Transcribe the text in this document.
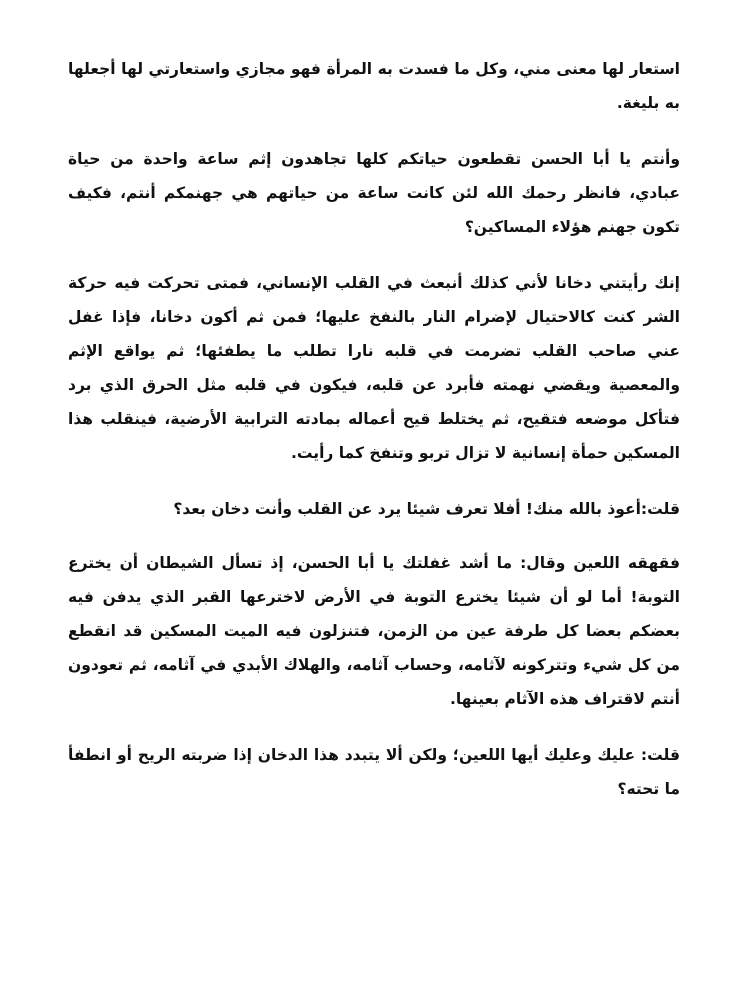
استعار لها معنى مني، وكل ما فسدت به المرأة فهو مجازي واستعارتي لها أجعلها به بليغة.

وأنتم يا أبا الحسن تقطعون حياتكم كلها تجاهدون إثم ساعة واحدة من حياة عبادي، فانظر رحمك الله لئن كانت ساعة من حياتهم هي جهنمكم أنتم، فكيف تكون جهنم هؤلاء المساكين؟

إنك رأيتني دخانا لأني كذلك أنبعث في القلب الإنساني، فمتى تحركت فيه حركة الشر كنت كالاحتيال لإضرام النار بالنفخ عليها؛ فمن ثم أكون دخانا، فإذا غفل عني صاحب القلب تضرمت في قلبه نارا تطلب ما يطفئها؛ ثم يواقع الإثم والمعصية ويقضي نهمته فأبرد عن قلبه، فيكون في قلبه مثل الحرق الذي برد فتأكل موضعه فتقيح، ثم يختلط قيح أعماله بمادته الترابية الأرضية، فينقلب هذا المسكين حمأة إنسانية لا تزال تربو وتنفخ كما رأيت.

قلت:أعوذ بالله منك! أفلا تعرف شيئا يرد عن القلب وأنت دخان بعد؟

فقهقه اللعين وقال: ما أشد غفلتك يا أبا الحسن، إذ تسأل الشيطان أن يخترع التوبة! أما لو أن شيئا يخترع التوبة في الأرض لاخترعها القبر الذي يدفن فيه بعضكم بعضا كل طرفة عين من الزمن، فتنزلون فيه الميت المسكين قد انقطع من كل شيء وتتركونه لآثامه، وحساب آثامه، والهلاك الأبدي في آثامه، ثم تعودون أنتم لاقتراف هذه الآثام بعينها.

قلت: عليك وعليك أيها اللعين؛ ولكن ألا يتبدد هذا الدخان إذا ضربته الريح أو انطفأ ما تحته؟
